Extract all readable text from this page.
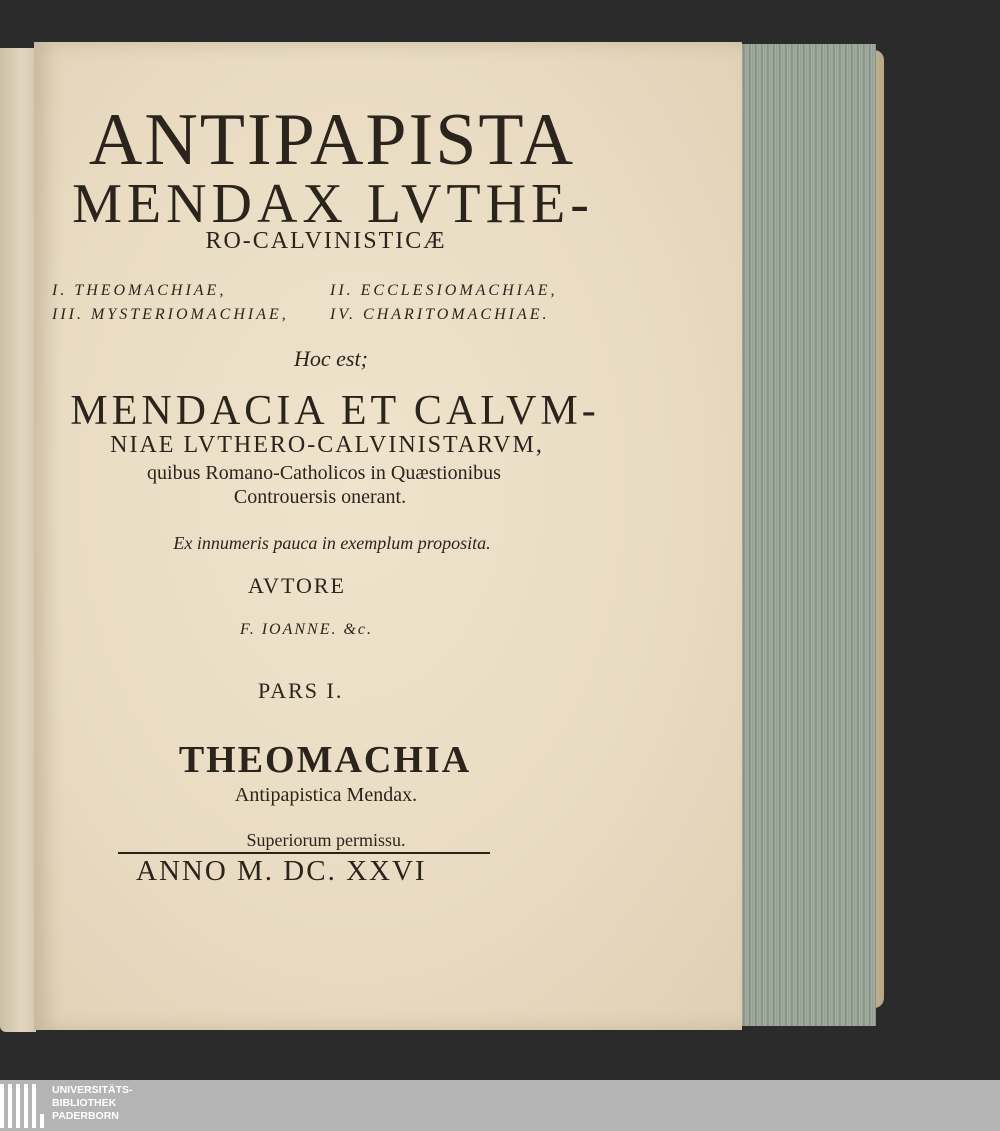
ANTIPAPISTA

MENDAX LVTHE-

RO-CALVINISTICÆ

I. THEOMACHIAE,	II. ECCLESIOMACHIAE,

III. MYSTERIOMACHIAE,	IV. CHARITOMACHIAE.

Hoc est;

MENDACIA ET CALVM-

NIAE LVTHERO-CALVINISTARVM,

quibus Romano-Catholicos in Quæstionibus

Controuersis onerant.

Ex innumeris pauca in exemplum proposita.

AVTORE

F. IOANNE. &c.

PARS I.

THEOMACHIA

Antipapistica Mendax.

Superiorum permissu.

ANNO M. DC. XXVI

UNIVERSITÄTS-
BIBLIOTHEK
PADERBORN
